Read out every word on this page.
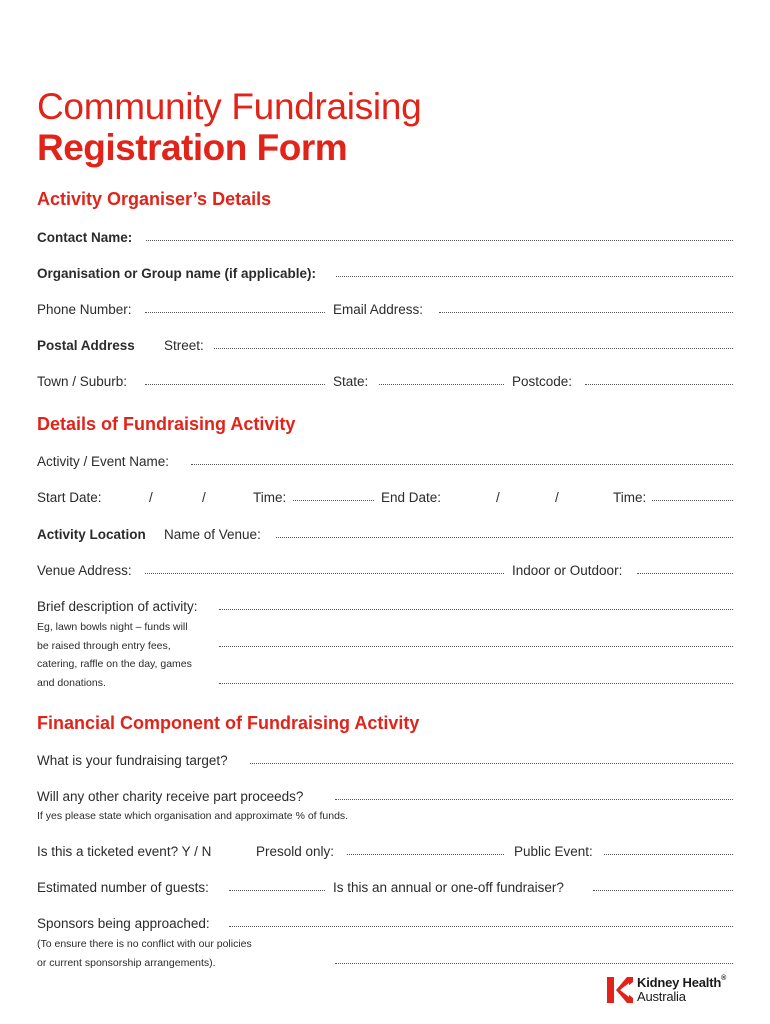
Community Fundraising
Registration Form
Activity Organiser’s Details
Contact Name:
Organisation or Group name (if applicable):
Phone Number:	Email Address:
Postal Address Street:
Town / Suburb:	State:	Postcode:
Details of Fundraising Activity
Activity / Event Name:
Start Date:	/	/	Time:	End Date:	/	/	Time:
Activity Location Name of Venue:
Venue Address:	Indoor or Outdoor:
Brief description of activity:
Eg, lawn bowls night – funds will
be raised through entry fees,
catering, raffle on the day, games
and donations.
Financial Component of Fundraising Activity
What is your fundraising target?
Will any other charity receive part proceeds?
If yes please state which organisation and approximate % of funds.
Is this a ticketed event? Y / N	Presold only:	Public Event:
Estimated number of guests:	Is this an annual or one-off fundraiser?
Sponsors being approached:
(To ensure there is no conflict with our policies
or current sponsorship arrangements).
Kidney Health®
Australia
